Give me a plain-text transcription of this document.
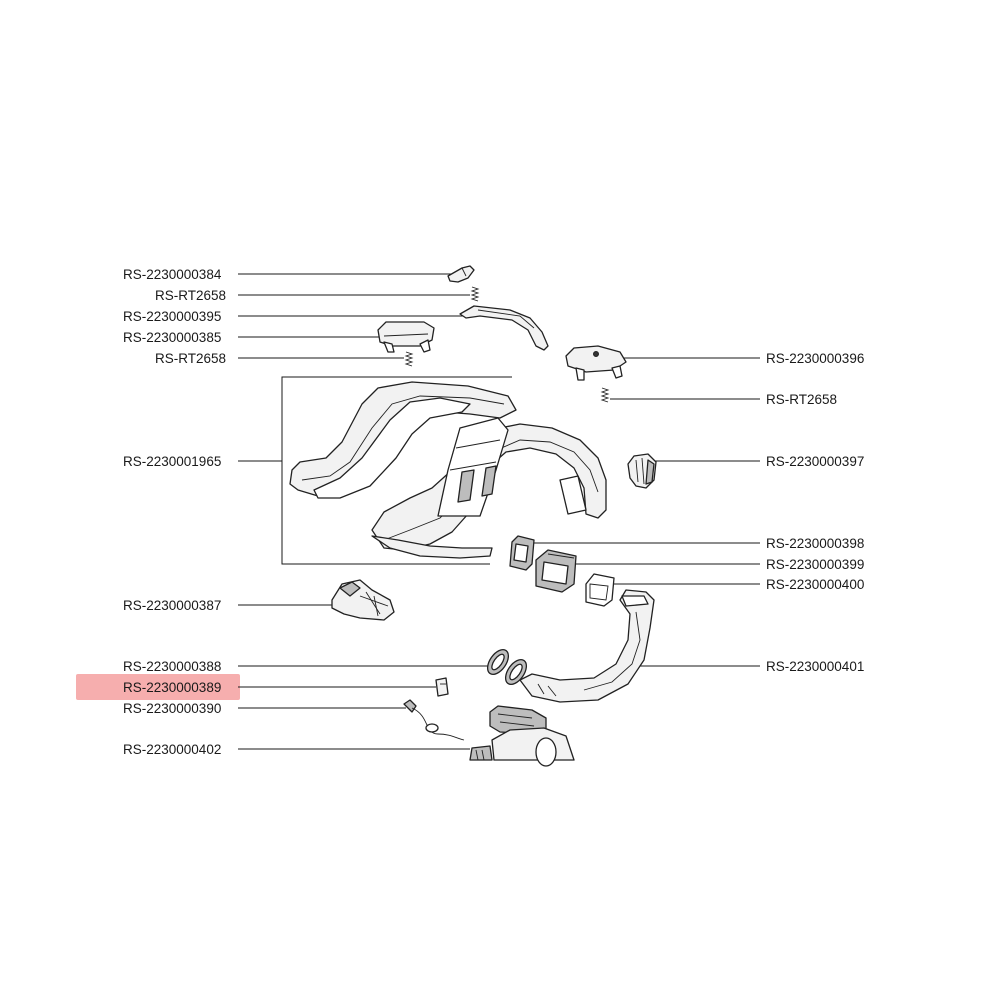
RS-2230000384
RS-RT2658
RS-2230000395
RS-2230000385
RS-RT2658
RS-2230001965
RS-2230000387
RS-2230000388
RS-2230000389
RS-2230000390
RS-2230000402
RS-2230000396
RS-RT2658
RS-2230000397
RS-2230000398
RS-2230000399
RS-2230000400
RS-2230000401
